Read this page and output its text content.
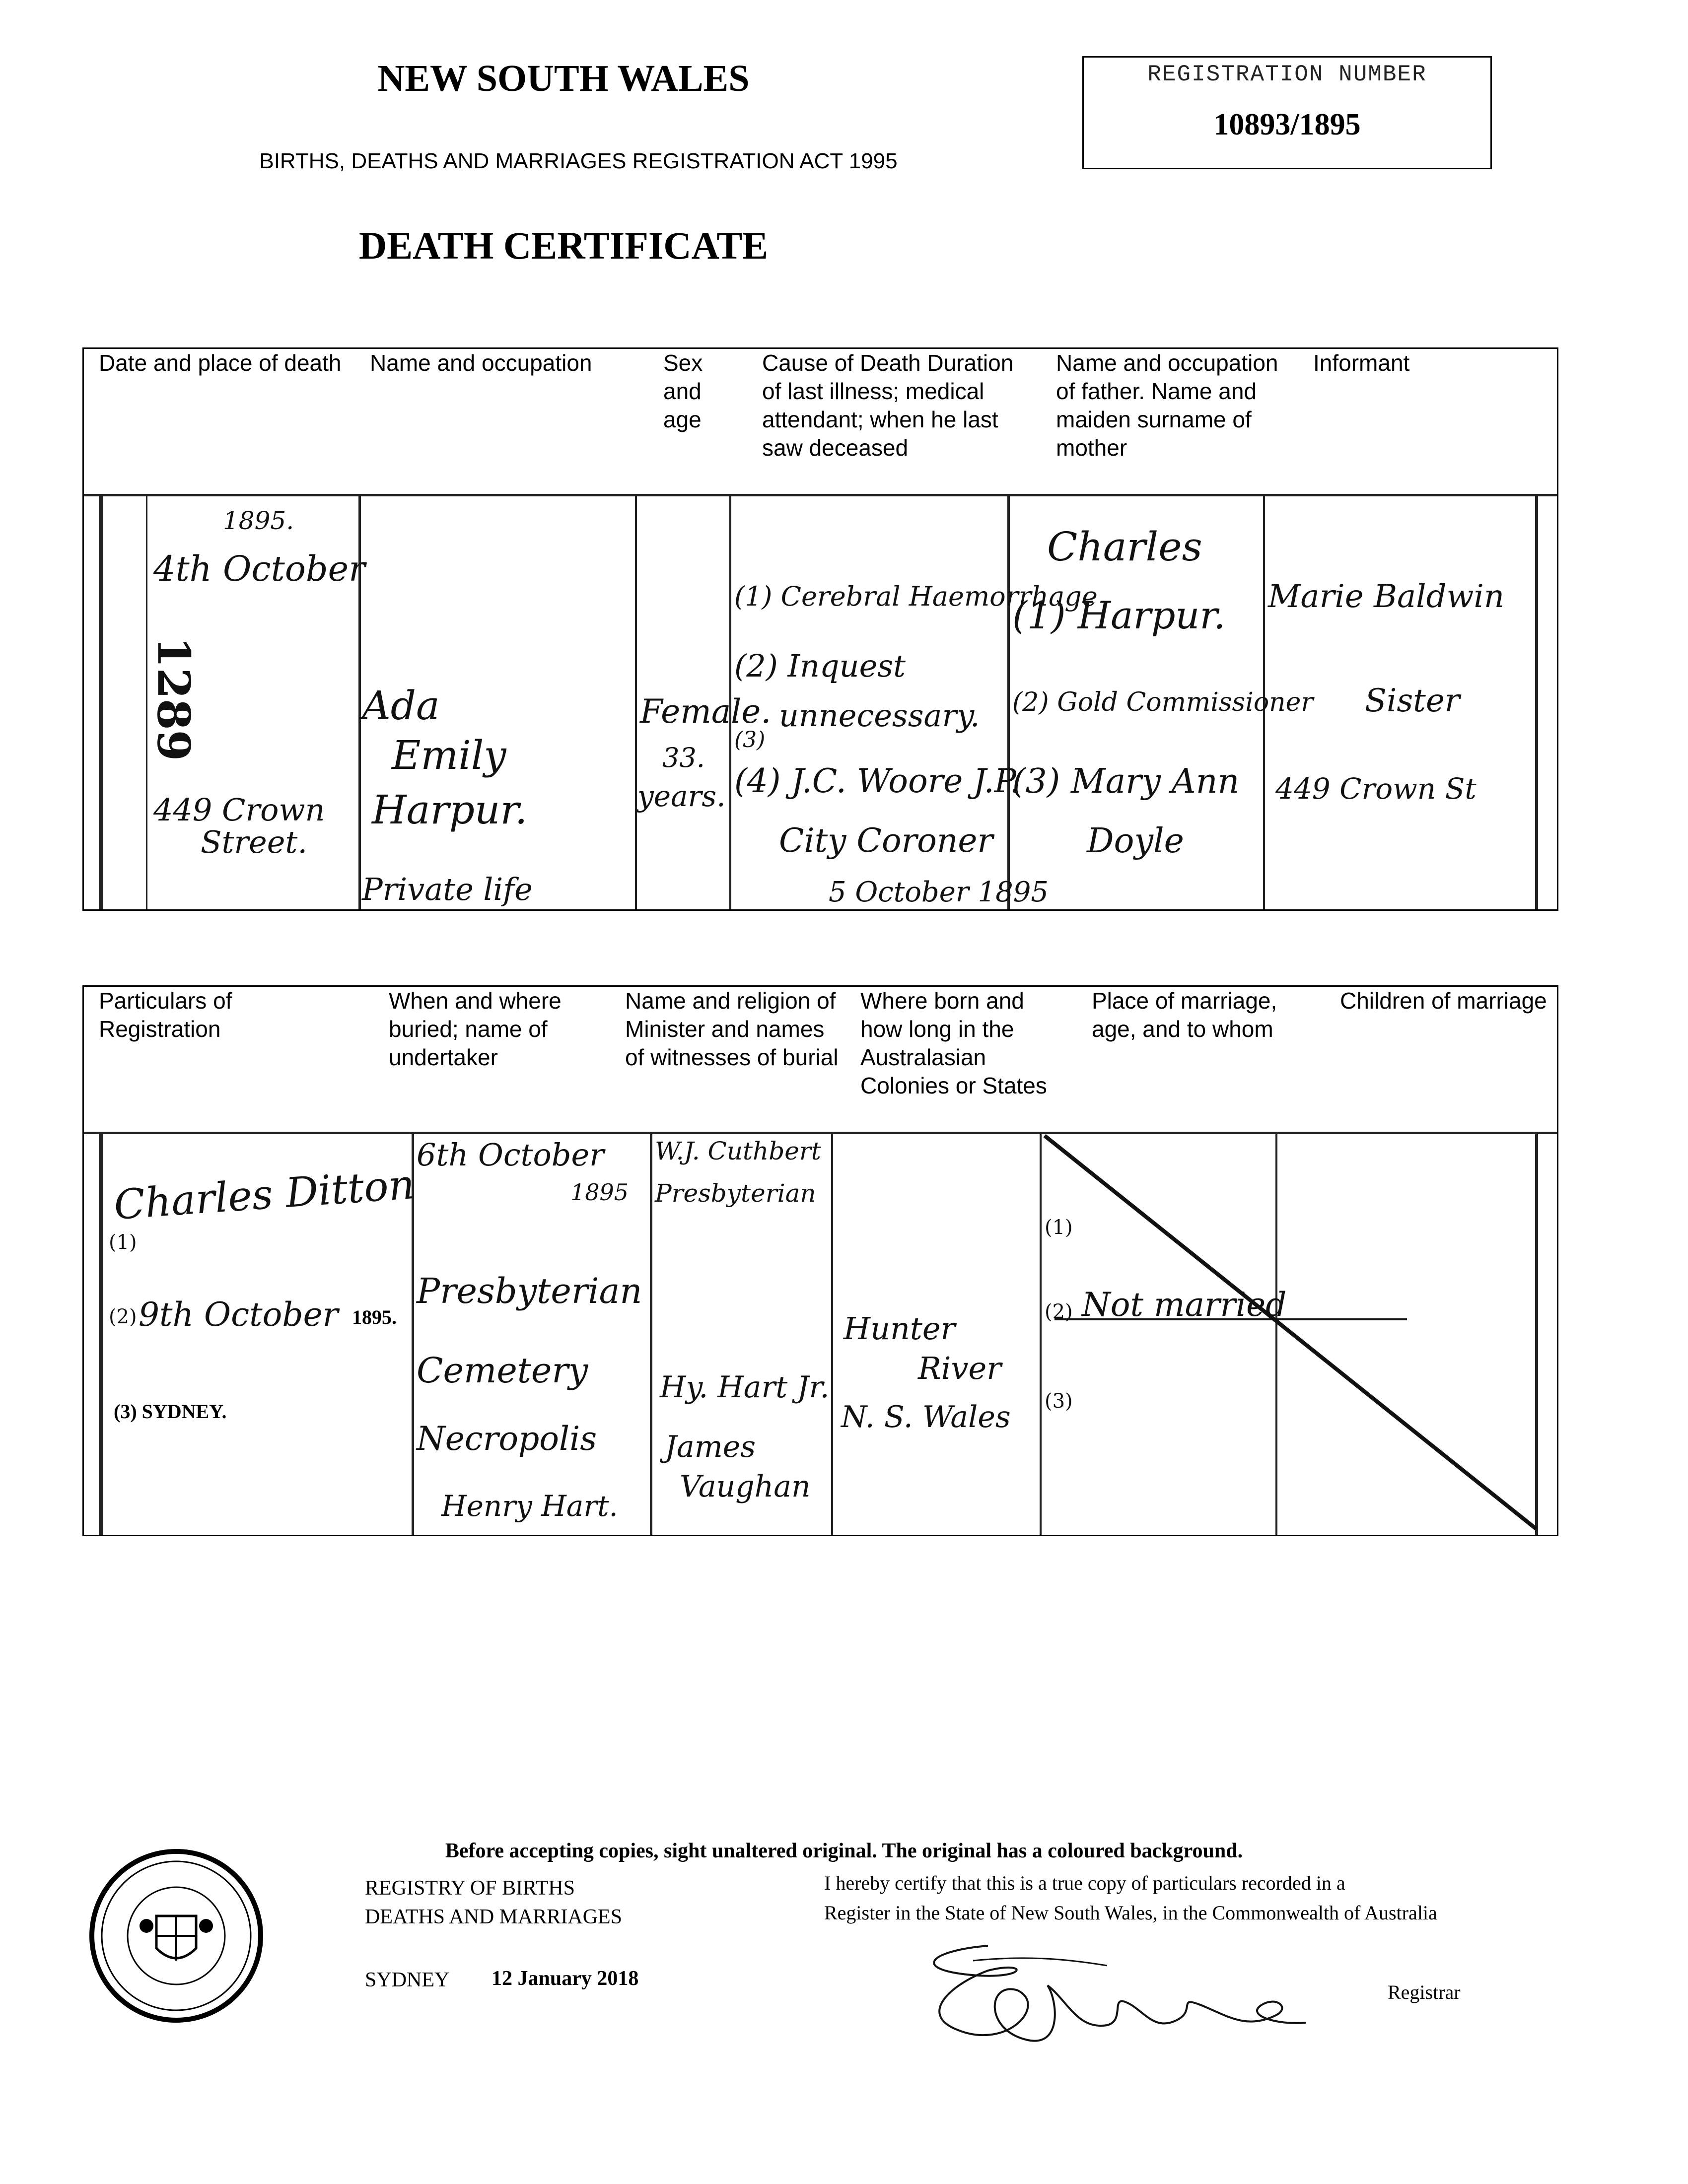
NEW SOUTH WALES
BIRTHS, DEATHS AND MARRIAGES REGISTRATION ACT 1995
DEATH CERTIFICATE
REGISTRATION NUMBER
10893/1895
Date and place of death Name and occupation	Sex and age
Cause of Death Duration of last illness; medical attendant; when he last saw deceased
Name and occupation of father. Name and maiden surname of mother
Informant
1289
1895.
4th October
449 Crown
Street.
Ada
Emily
Harpur.
Private life
Female.
33.
years.
(1) Cerebral Haemorrhage
(2) Inquest
unnecessary.
(3)
(4) J.C. Woore J.P.
City Coroner
5 October 1895
Charles
(1) Harpur.
(2) Gold Commissioner
(3) Mary Ann
Doyle
Marie Baldwin
Sister
449 Crown St
Particulars of Registration
When and where buried; name of undertaker
Name and religion of Minister and names of witnesses of burial
Where born and how long in the Australasian Colonies or States
Place of marriage, age, and to whom
Children of marriage
Charles Ditton
(1)
(2) 9th October 1895.
(3) SYDNEY.
6th October
1895
Presbyterian
Cemetery
Necropolis
Henry Hart.
W.J. Cuthbert
Presbyterian
Hy. Hart Jr.
James
Vaughan
Hunter
River
N. S. Wales
(1)
(2) Not married
(3)
Before accepting copies, sight unaltered original. The original has a coloured background.
REGISTRY OF BIRTHS
DEATHS AND MARRIAGES
SYDNEY 12 January 2018
I hereby certify that this is a true copy of particulars recorded in a
Register in the State of New South Wales, in the Commonwealth of Australia
Registrar
